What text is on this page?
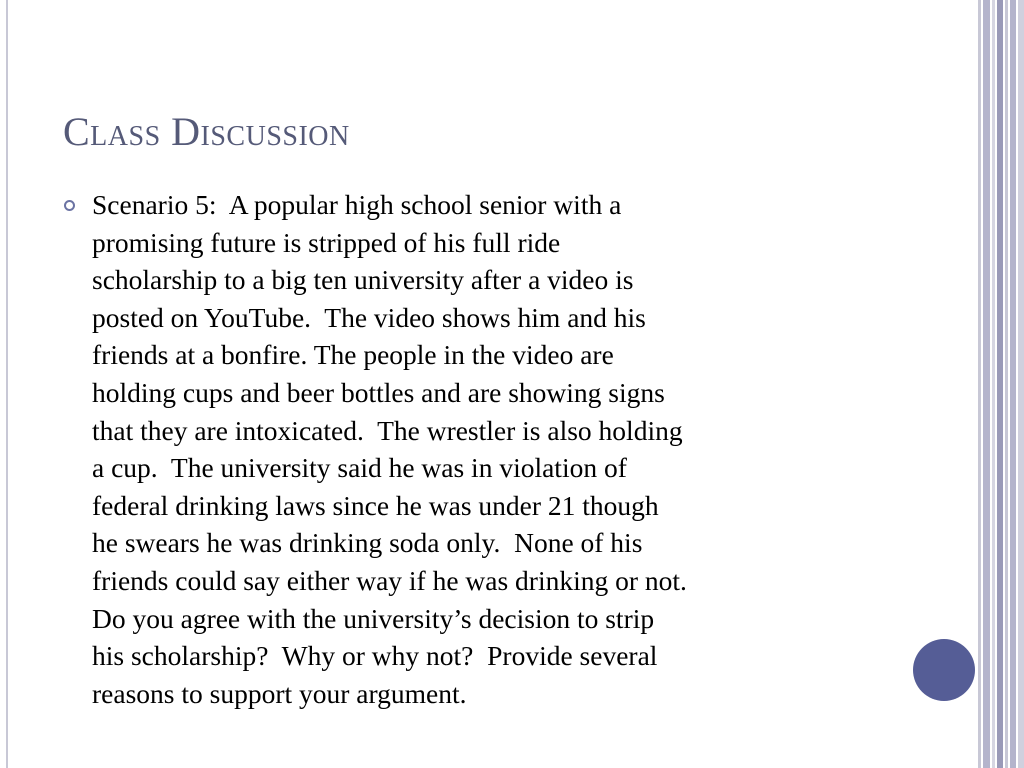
Class Discussion

Scenario 5:  A popular high school senior with a
promising future is stripped of his full ride
scholarship to a big ten university after a video is
posted on YouTube.  The video shows him and his
friends at a bonfire. The people in the video are
holding cups and beer bottles and are showing signs
that they are intoxicated.  The wrestler is also holding
a cup.  The university said he was in violation of
federal drinking laws since he was under 21 though
he swears he was drinking soda only.  None of his
friends could say either way if he was drinking or not.
Do you agree with the university’s decision to strip
his scholarship?  Why or why not?  Provide several
reasons to support your argument.
